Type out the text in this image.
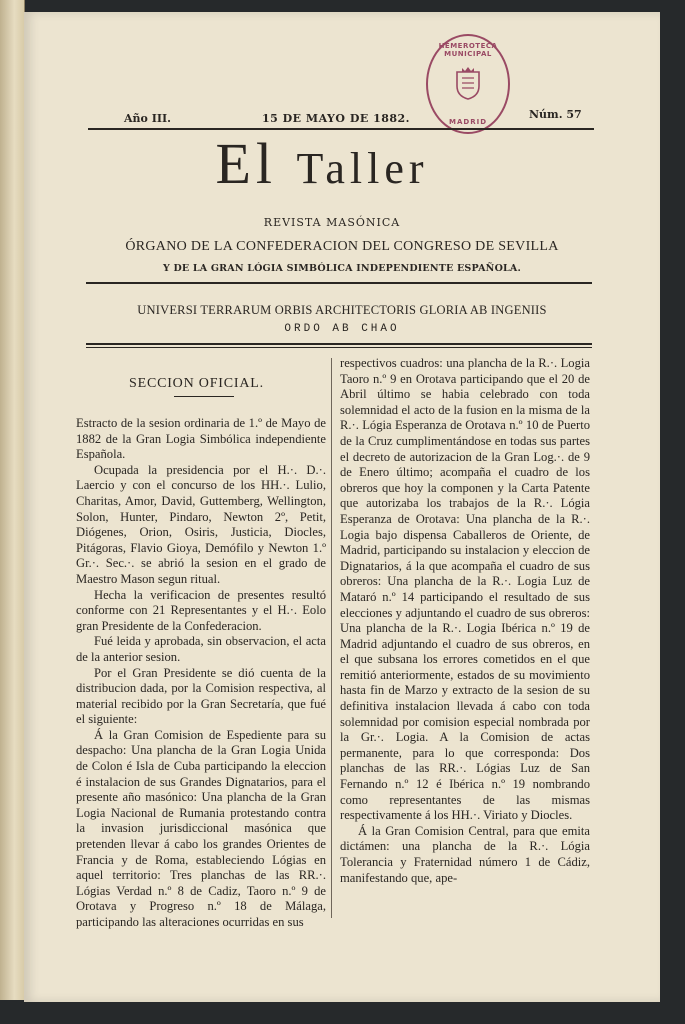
HEMEROTECA MUNICIPAL
MADRID
Año III.	15 DE MAYO DE 1882.	Núm. 57
El Taller
REVISTA MASÓNICA
ÓRGANO DE LA CONFEDERACION DEL CONGRESO DE SEVILLA
Y DE LA GRAN LÓGIA SIMBÓLICA INDEPENDIENTE ESPAÑOLA.
UNIVERSI TERRARUM ORBIS ARCHITECTORIS GLORIA AB INGENIIS
ORDO AB CHAO
SECCION OFICIAL.

Estracto de la sesion ordinaria de 1.º de Mayo de 1882 de la Gran Logia Simbólica independiente Española.

Ocupada la presidencia por el H.·. D.·. Laercio y con el concurso de los HH.·. Lulio, Charitas, Amor, David, Guttemberg, Wellington, Solon, Hunter, Pindaro, Newton 2º, Petit, Diógenes, Orion, Osiris, Justicia, Diocles, Pitágoras, Flavio Gioya, Demófilo y Newton 1.º Gr.·. Sec.·. se abrió la sesion en el grado de Maestro Mason segun ritual.

Hecha la verificacion de presentes resultó conforme con 21 Representantes y el H.·. Eolo gran Presidente de la Confederacion.

Fué leida y aprobada, sin observacion, el acta de la anterior sesion.

Por el Gran Presidente se dió cuenta de la distribucion dada, por la Comision respectiva, al material recibido por la Gran Secretaría, que fué el siguiente:

Á la Gran Comision de Espediente para su despacho: Una plancha de la Gran Logia Unida de Colon é Isla de Cuba participando la eleccion é instalacion de sus Grandes Dignatarios, para el presente año masónico: Una plancha de la Gran Logia Nacional de Rumania protestando contra la invasion jurisdiccional masónica que pretenden llevar á cabo los grandes Orientes de Francia y de Roma, estableciendo Lógias en aquel territorio: Tres planchas de las RR.·. Lógias Verdad n.º 8 de Cadiz, Taoro n.º 9 de Orotava y Progreso n.º 18 de Málaga, participando las alteraciones ocurridas en sus

respectivos cuadros: una plancha de la R.·. Logia Taoro n.º 9 en Orotava participando que el 20 de Abril último se habia celebrado con toda solemnidad el acto de la fusion en la misma de la R.·. Lógia Esperanza de Orotava n.º 10 de Puerto de la Cruz cumplimentándose en todas sus partes el decreto de autorizacion de la Gran Log.·. de 9 de Enero último; acompaña el cuadro de los obreros que hoy la componen y la Carta Patente que autorizaba los trabajos de la R.·. Lógia Esperanza de Orotava: Una plancha de la R.·. Logia bajo dispensa Caballeros de Oriente, de Madrid, participando su instalacion y eleccion de Dignatarios, á la que acompaña el cuadro de sus obreros: Una plancha de la R.·. Logia Luz de Mataró n.º 14 participando el resultado de sus elecciones y adjuntando el cuadro de sus obreros: Una plancha de la R.·. Logia Ibérica n.º 19 de Madrid adjuntando el cuadro de sus obreros, en el que subsana los errores cometidos en el que remitió anteriormente, estados de su movimiento hasta fin de Marzo y extracto de la sesion de su definitiva instalacion llevada á cabo con toda solemnidad por comision especial nombrada por la Gr.·. Logia. A la Comision de actas permanente, para lo que corresponda: Dos planchas de las RR.·. Lógias Luz de San Fernando n.º 12 é Ibérica n.º 19 nombrando como representantes de las mismas respectivamente á los HH.·. Viriato y Diocles.

Á la Gran Comision Central, para que emita dictámen: una plancha de la R.·. Lógia Tolerancia y Fraternidad número 1 de Cádiz, manifestando que, ape-
